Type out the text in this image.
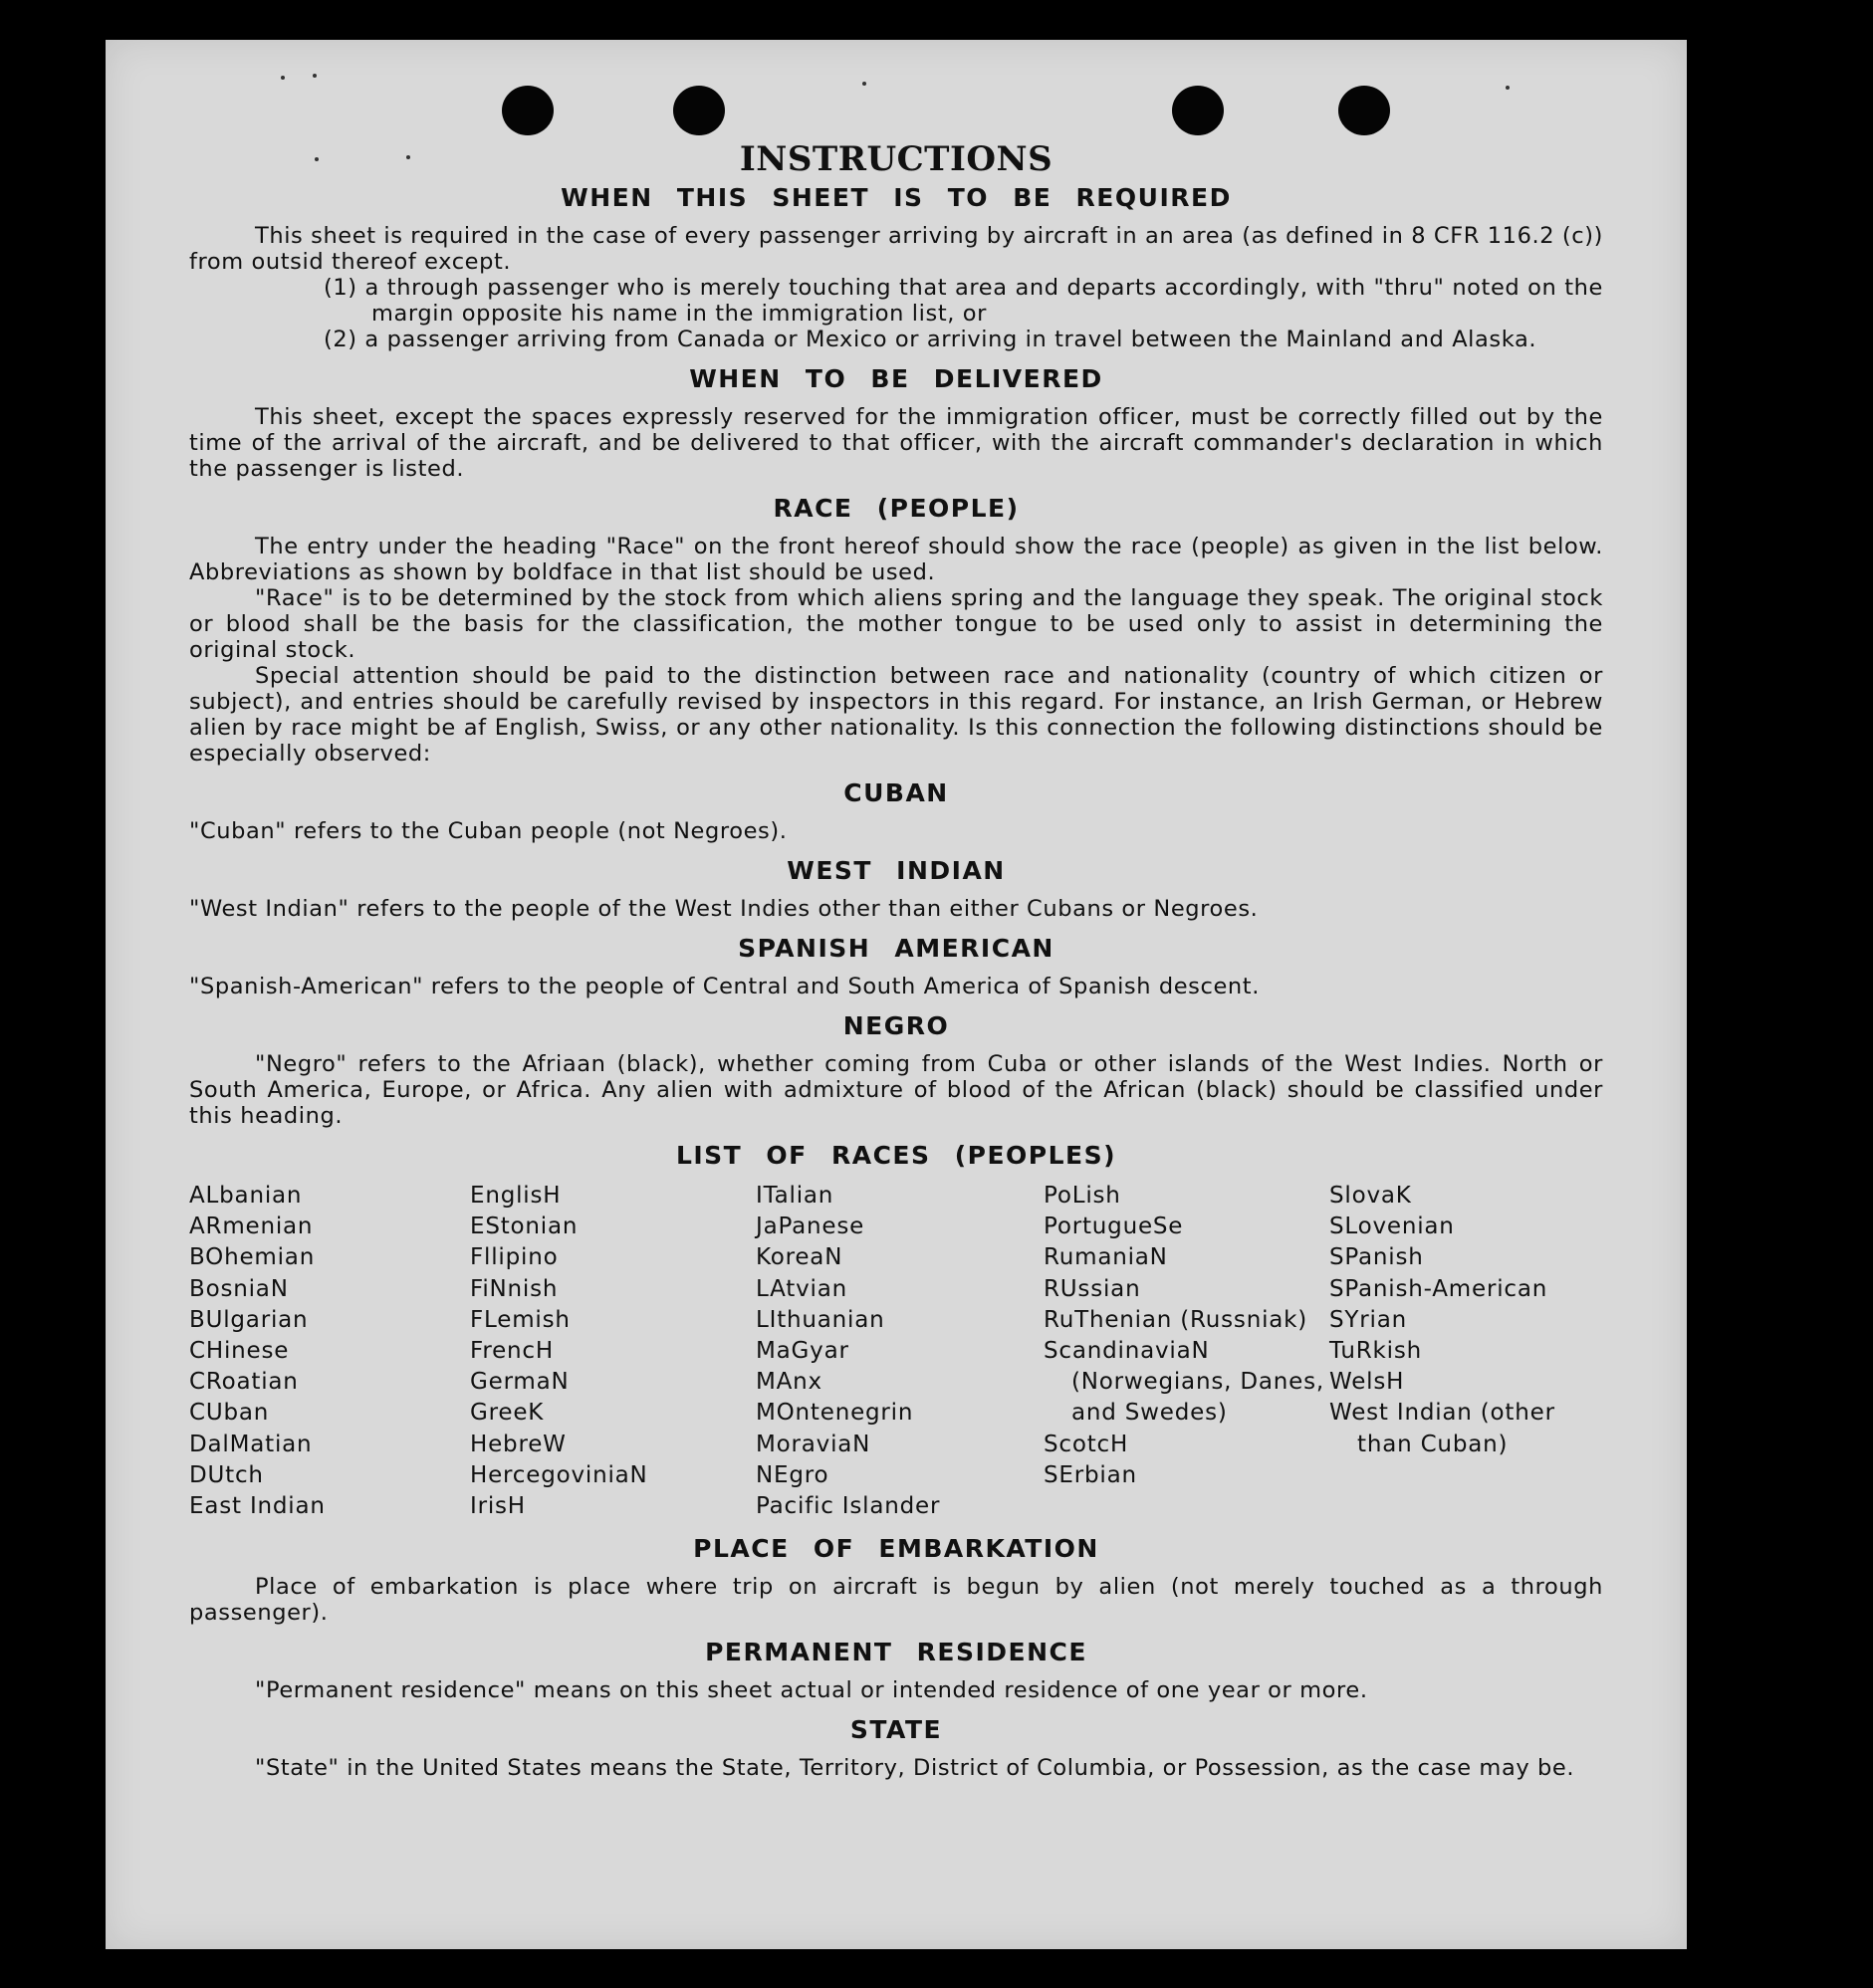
INSTRUCTIONS
WHEN THIS SHEET IS TO BE REQUIRED

This sheet is required in the case of every passenger arriving by aircraft in an area (as defined in 8 CFR 116.2 (c)) from outsid thereof except.

(1) a through passenger who is merely touching that area and departs accordingly, with "thru" noted on the margin opposite his name in the immigration list, or

(2) a passenger arriving from Canada or Mexico or arriving in travel between the Mainland and Alaska.

WHEN TO BE DELIVERED

This sheet, except the spaces expressly reserved for the immigration officer, must be correctly filled out by the time of the arrival of the aircraft, and be delivered to that officer, with the aircraft commander's declaration in which the passenger is listed.

RACE (PEOPLE)

The entry under the heading "Race" on the front hereof should show the race (people) as given in the list below. Abbreviations as shown by boldface in that list should be used.

"Race" is to be determined by the stock from which aliens spring and the language they speak. The original stock or blood shall be the basis for the classification, the mother tongue to be used only to assist in determining the original stock.

Special attention should be paid to the distinction between race and nationality (country of which citizen or subject), and entries should be carefully revised by inspectors in this regard. For instance, an Irish German, or Hebrew alien by race might be af English, Swiss, or any other nationality. Is this connection the following distinctions should be especially observed:

CUBAN

"Cuban" refers to the Cuban people (not Negroes).

WEST INDIAN

"West Indian" refers to the people of the West Indies other than either Cubans or Negroes.

SPANISH AMERICAN

"Spanish-American" refers to the people of Central and South America of Spanish descent.

NEGRO

"Negro" refers to the Afriaan (black), whether coming from Cuba or other islands of the West Indies. North or South America, Europe, or Africa. Any alien with admixture of blood of the African (black) should be classified under this heading.

LIST OF RACES (PEOPLES)
ALbanian
ARmenian
BOhemian
BosniaN
BUlgarian
CHinese
CRoatian
CUban
DalMatian
DUtch
East Indian
EnglisH
EStonian
Fllipino
FiNnish
FLemish
FrencH
GermaN
GreeK
HebreW
HercegoviniaN
IrisH
ITalian
JaPanese
KoreaN
LAtvian
LIthuanian
MaGyar
MAnx
MOntenegrin
MoraviaN
NEgro
Pacific Islander
PoLish
PortugueSe
RumaniaN
RUssian
RuThenian (Russniak)
ScandinaviaN (Norwegians, Danes, and Swedes)
ScotcH
SErbian
SlovaK
SLovenian
SPanish
SPanish-American
SYrian
TuRkish
WelsH
West Indian (other than Cuban)
PLACE OF EMBARKATION

Place of embarkation is place where trip on aircraft is begun by alien (not merely touched as a through passenger).

PERMANENT RESIDENCE

"Permanent residence" means on this sheet actual or intended residence of one year or more.

STATE

"State" in the United States means the State, Territory, District of Columbia, or Possession, as the case may be.
